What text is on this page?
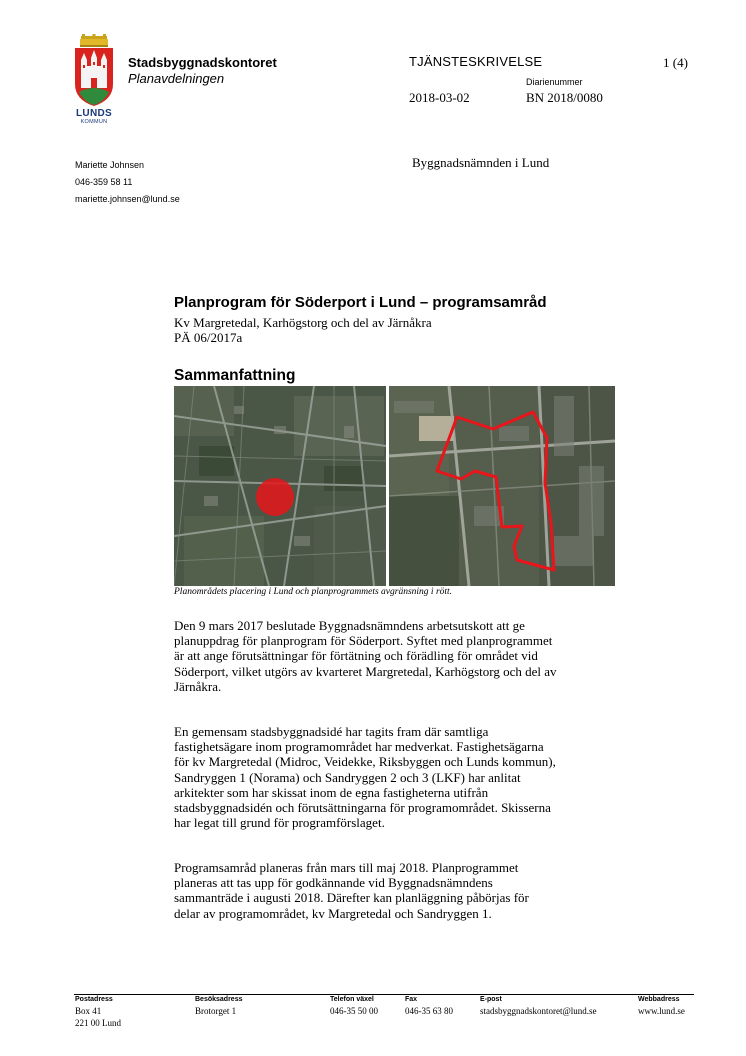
LUNDS
KOMMUN
Stadsbyggnadskontoret
Planavdelningen
TJÄNSTESKRIVELSE
Diarienummer
2018-03-02	BN 2018/0080
1 (4)
Mariette Johnsen
046-359 58 11
mariette.johnsen@lund.se
Byggnadsnämnden i Lund
Planprogram för Söderport i Lund – programsamråd
Kv Margretedal, Karhögstorg och del av Järnåkra
PÄ 06/2017a
Sammanfattning
Planområdets placering i Lund och planprogrammets avgränsning i rött.

Den 9 mars 2017 beslutade Byggnadsnämndens arbetsutskott att ge
planuppdrag för planprogram för Söderport. Syftet med planprogrammet
är att ange förutsättningar för förtätning och förädling för området vid
Söderport, vilket utgörs av kvarteret Margretedal, Karhögstorg och del av
Järnåkra.

En gemensam stadsbyggnadsidé har tagits fram där samtliga
fastighetsägare inom programområdet har medverkat. Fastighetsägarna
för kv Margretedal (Midroc, Veidekke, Riksbyggen och Lunds kommun),
Sandryggen 1 (Norama) och Sandryggen 2 och 3 (LKF) har anlitat
arkitekter som har skissat inom de egna fastigheterna utifrån
stadsbyggnadsidén och förutsättningarna för programområdet. Skisserna
har legat till grund för programförslaget.

Programsamråd planeras från mars till maj 2018. Planprogrammet
planeras att tas upp för godkännande vid Byggnadsnämndens
sammanträde i augusti 2018. Därefter kan planläggning påbörjas för
delar av programområdet, kv Margretedal och Sandryggen 1.

Postadress
Box 41
221 00 Lund
Besöksadress
Brotorget 1
Telefon växel
046-35 50 00
Fax
046-35 63 80
E-post
stadsbyggnadskontoret@lund.se
Webbadress
www.lund.se
